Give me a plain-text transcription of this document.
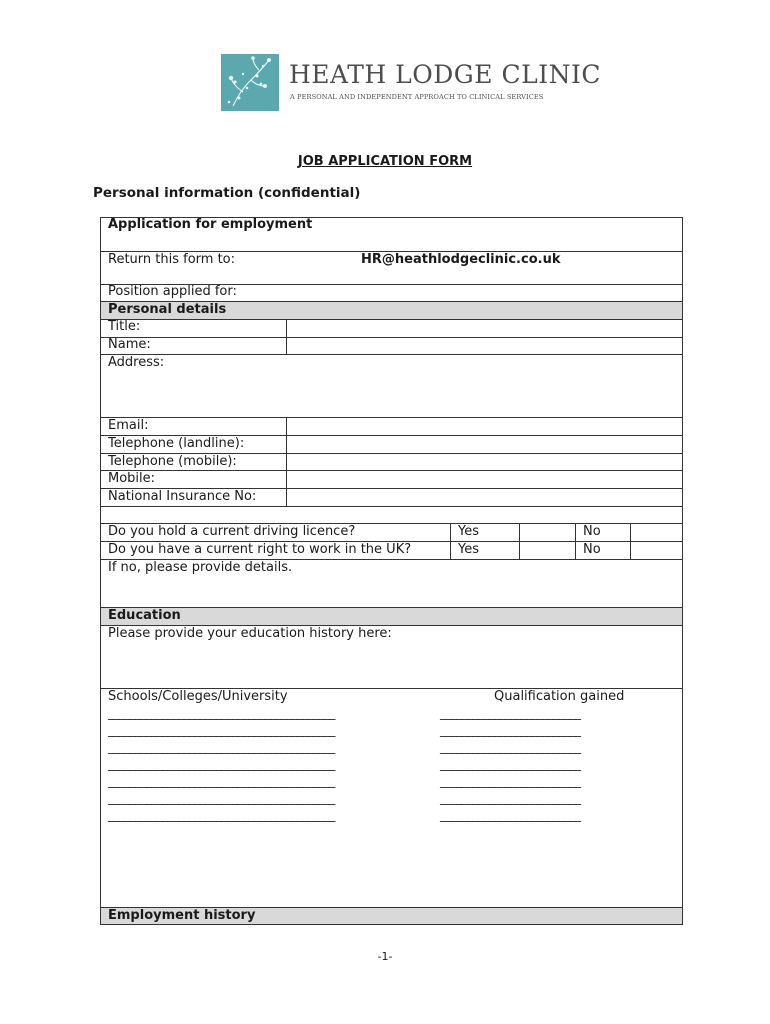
HEATH LODGE CLINIC
A PERSONAL AND INDEPENDENT APPROACH TO CLINICAL SERVICES
JOB APPLICATION FORM
Personal information (confidential)
Application for employment
Return this form to:	HR@heathlodgeclinic.co.uk
Position applied for:
Personal details
Title:
Name:
Address:
Email:
Telephone (landline):
Telephone (mobile):
Mobile:
National Insurance No:
Do you hold a current driving licence?	Yes	No
Do you have a current right to work in the UK?	Yes	No
If no, please provide details.
Education
Please provide your education history here:
Schools/Colleges/University	Qualification gained
__________________________________________	__________________________
__________________________________________	__________________________
__________________________________________	__________________________
__________________________________________	__________________________
__________________________________________	__________________________
__________________________________________	__________________________
__________________________________________	__________________________
Employment history
-1-
